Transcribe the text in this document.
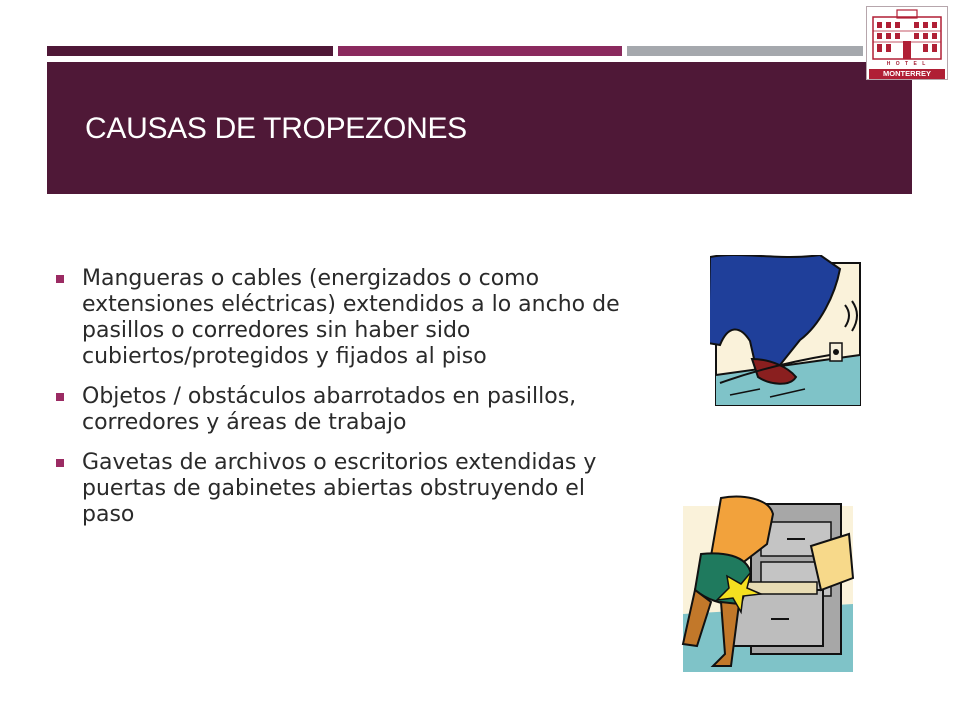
CAUSAS DE TROPEZONES
H O T E L
MONTERREY
Mangueras o cables (energizados o como extensiones eléctricas) extendidos a lo ancho de pasillos o corredores sin haber sido cubiertos/protegidos y fijados al piso
Objetos / obstáculos abarrotados en pasillos, corredores y áreas de trabajo
Gavetas de archivos o escritorios extendidas y puertas de gabinetes abiertas obstruyendo el paso
